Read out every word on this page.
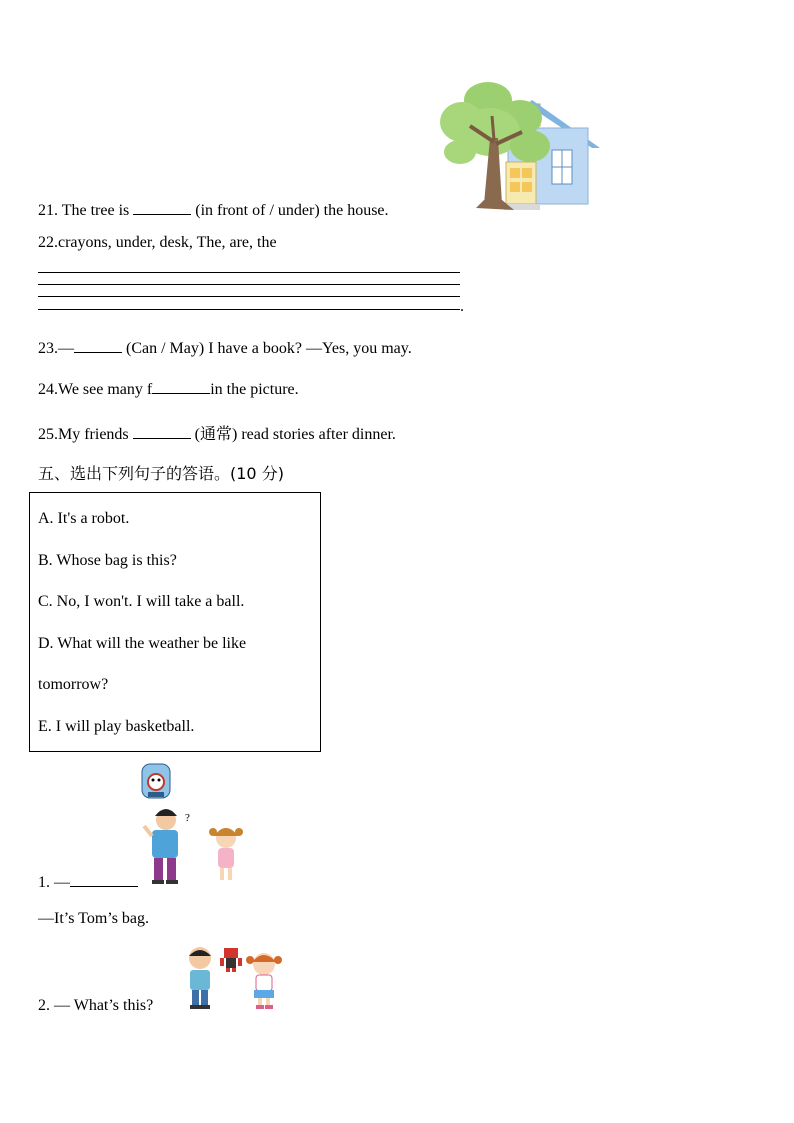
21. The tree is	(in front of / under) the house.
22.crayons, under, desk, The, are, the
.
23.—	(Can / May) I have a book? —Yes, you may.
24.We see many f	in the picture.
25.My friends	(通常) read stories after dinner.
五、选出下列句子的答语。(10 分)
A. It's a robot.
B. Whose bag is this?
C. No, I won't. I will take a ball.
D. What will the weather be like
tomorrow?
E. I will play basketball.
?
1. —
—It’s Tom’s bag.
2. — What’s this?
